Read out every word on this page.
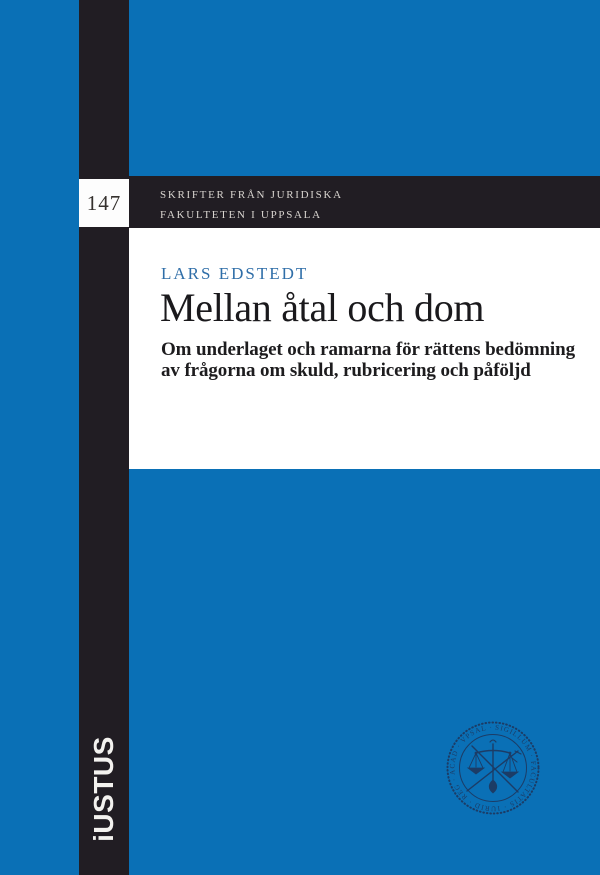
147	SKRIFTER FRÅN JURIDISKA
FAKULTETEN I UPPSALA
LARS EDSTEDT
Mellan åtal och dom
Om underlaget och ramarna för rättens bedömning
av frågorna om skuld, rubricering och påföljd
iUSTUS
SIGILLUM · FACULTATIS · IURID · REG · ACAD · VPSAL ·
